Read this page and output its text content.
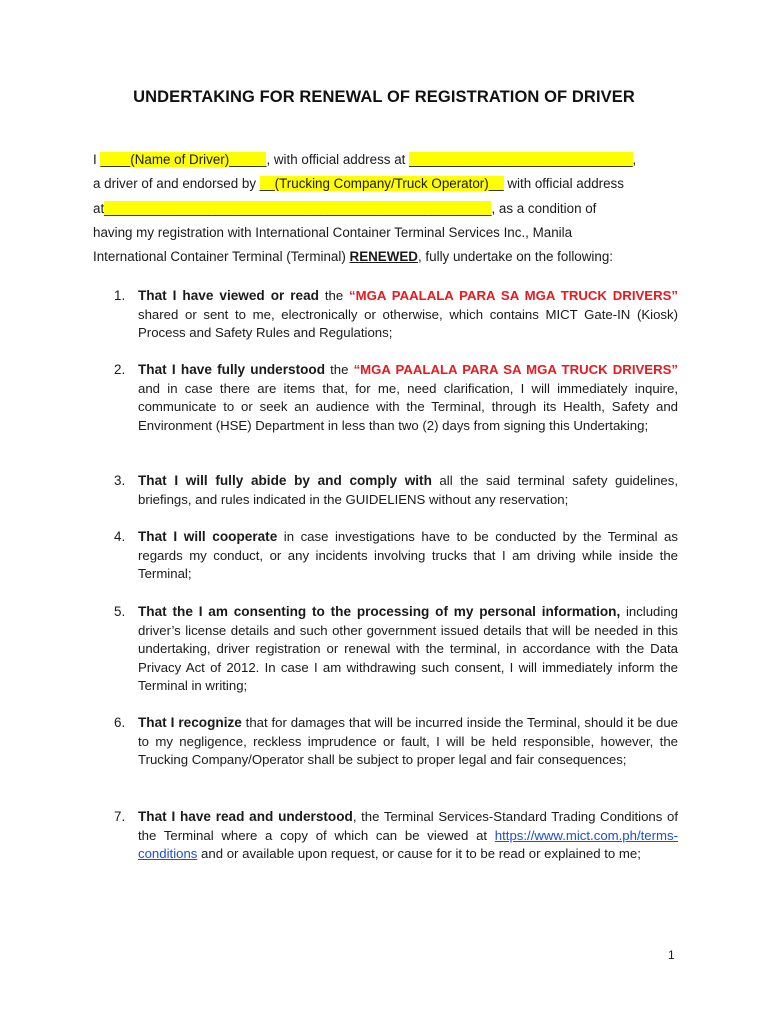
UNDERTAKING FOR RENEWAL OF REGISTRATION OF DRIVER
I ____(Name of Driver)_____, with official address at ______________________________,
a driver of and endorsed by __(Trucking Company/Truck Operator)__ with official address
at____________________________________________________, as a condition of
having my registration with International Container Terminal Services Inc., Manila
International Container Terminal (Terminal) RENEWED, fully undertake on the following:
1. That I have viewed or read the “MGA PAALALA PARA SA MGA TRUCK DRIVERS” shared or sent to me, electronically or otherwise, which contains MICT Gate-IN (Kiosk) Process and Safety Rules and Regulations;
2. That I have fully understood the “MGA PAALALA PARA SA MGA TRUCK DRIVERS” and in case there are items that, for me, need clarification, I will immediately inquire, communicate to or seek an audience with the Terminal, through its Health, Safety and Environment (HSE) Department in less than two (2) days from signing this Undertaking;
3. That I will fully abide by and comply with all the said terminal safety guidelines, briefings, and rules indicated in the GUIDELIENS without any reservation;
4. That I will cooperate in case investigations have to be conducted by the Terminal as regards my conduct, or any incidents involving trucks that I am driving while inside the Terminal;
5. That the I am consenting to the processing of my personal information, including driver’s license details and such other government issued details that will be needed in this undertaking, driver registration or renewal with the terminal, in accordance with the Data Privacy Act of 2012. In case I am withdrawing such consent, I will immediately inform the Terminal in writing;
6. That I recognize that for damages that will be incurred inside the Terminal, should it be due to my negligence, reckless imprudence or fault, I will be held responsible, however, the Trucking Company/Operator shall be subject to proper legal and fair consequences;
7. That I have read and understood, the Terminal Services-Standard Trading Conditions of the Terminal where a copy of which can be viewed at https://www.mict.com.ph/terms-conditions and or available upon request, or cause for it to be read or explained to me;
1
